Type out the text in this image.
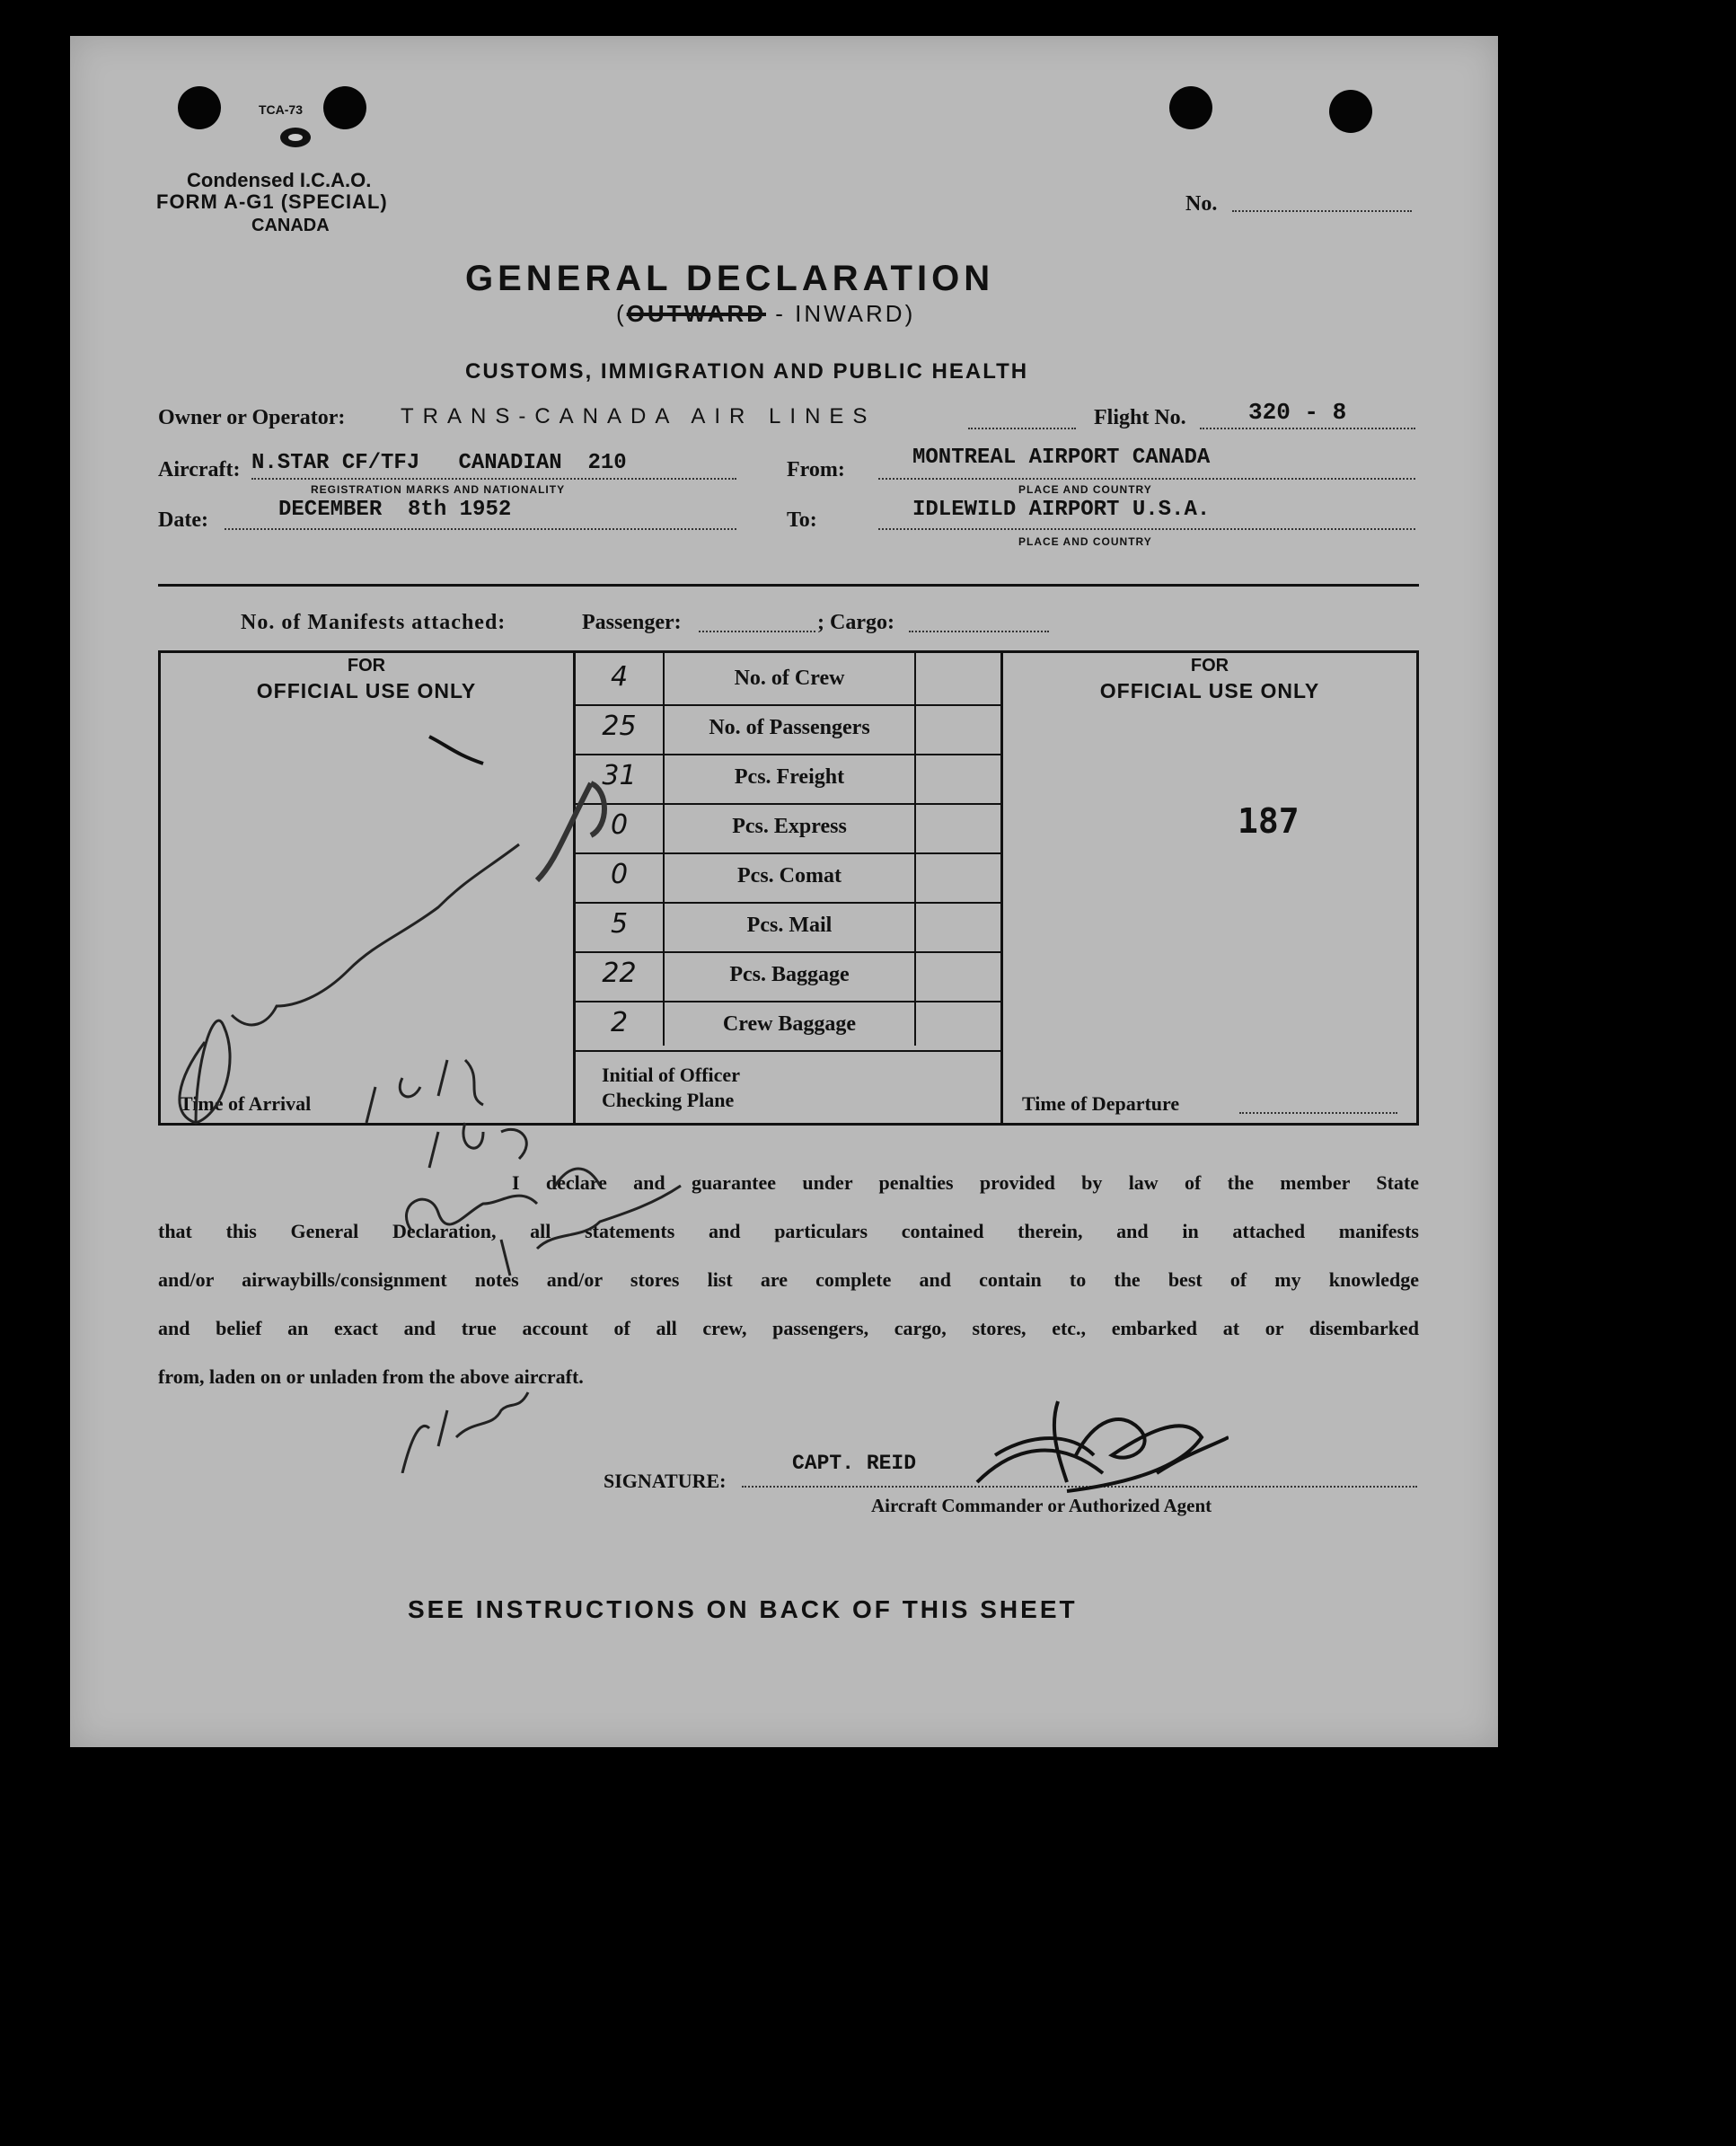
TCA-73
Condensed I.C.A.O.
FORM A-G1 (SPECIAL)
CANADA
No.
GENERAL DECLARATION
(OUTWARD - INWARD)
CUSTOMS, IMMIGRATION AND PUBLIC HEALTH
Owner or Operator:	TRANS-CANADA AIR LINES	Flight No.	320 - 8
Aircraft: N.STAR CF/TFJ   CANADIAN  210
REGISTRATION MARKS AND NATIONALITY
From:	MONTREAL AIRPORT CANADA
PLACE AND COUNTRY
Date:	DECEMBER  8th 1952	To:	IDLEWILD AIRPORT U.S.A.
PLACE AND COUNTRY
No. of Manifests attached:	Passenger:	; Cargo:
FOR
OFFICIAL USE ONLY
FOR
OFFICIAL USE ONLY
187
4	No. of Crew
25	No. of Passengers
31	Pcs. Freight
0	Pcs. Express
0	Pcs. Comat
5	Pcs. Mail
22	Pcs. Baggage
2	Crew Baggage
Initial of Officer
Checking Plane
Time of Arrival	Time of Departure
I declare and guarantee under penalties provided by law of the member State
that this General Declaration, all statements and particulars contained therein, and in attached manifests
and/or airwaybills/consignment notes and/or stores list are complete and contain to the best of my knowledge
and belief an exact and true account of all crew, passengers, cargo, stores, etc., embarked at or disembarked
from, laden on or unladen from the above aircraft.
SIGNATURE:
CAPT. REID
Aircraft Commander or Authorized Agent
SEE INSTRUCTIONS ON BACK OF THIS SHEET
